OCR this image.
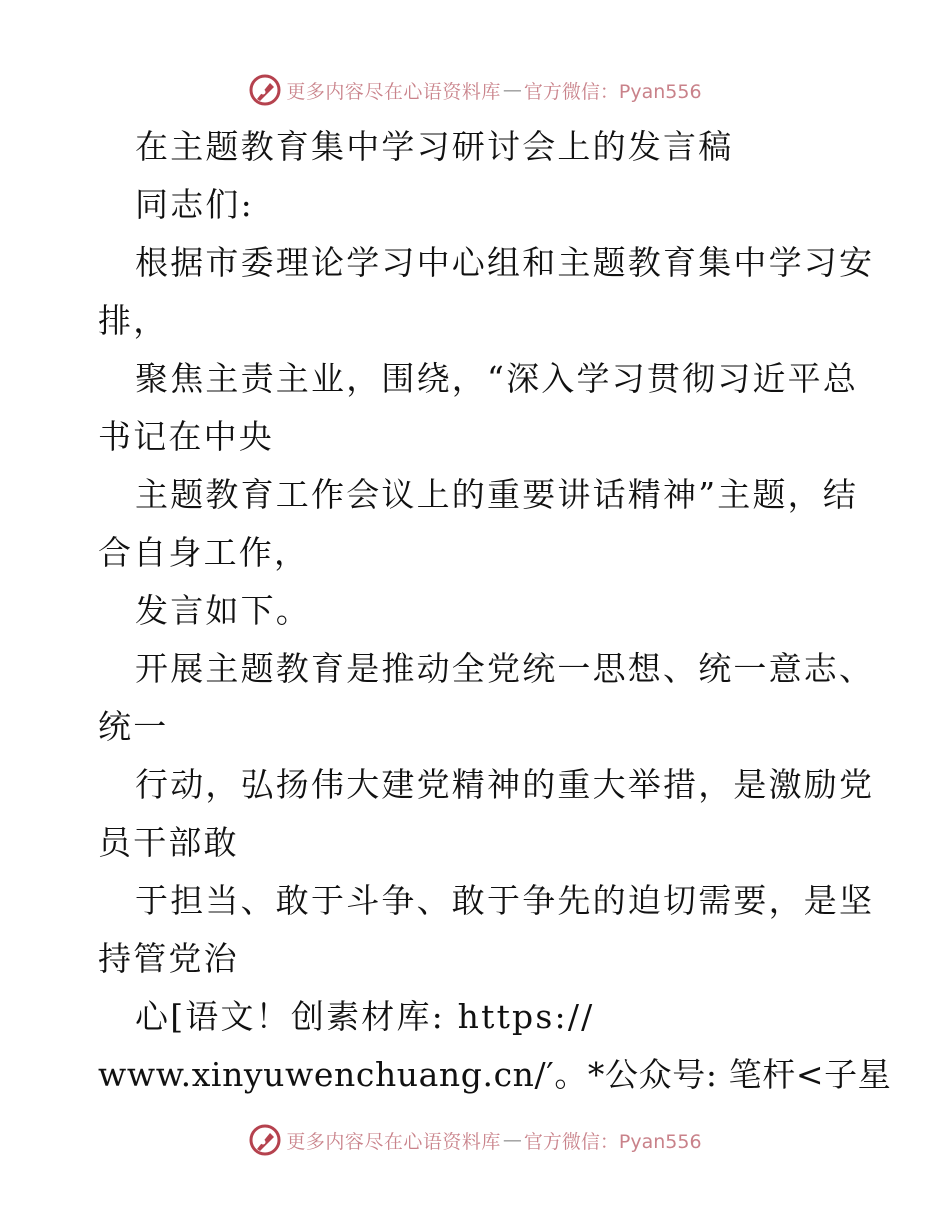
更多内容尽在心语资料库 — 官方微信：Pyan556
在主题教育集中学习研讨会上的发言稿
同志们:
根据市委理论学习中心组和主题教育集中学习安
排，
聚焦主责主业，围绕，“深入学习贯彻习近平总
书记在中央
主题教育工作会议上的重要讲话精神”主题，结
合自身工作，
发言如下。
开展主题教育是推动全党统一思想、统一意志、
统一
行动，弘扬伟大建党精神的重大举措，是激励党
员干部敢
于担当、敢于斗争、敢于争先的迫切需要，是坚
持管党治
心[语文！创素材库: https://
www.xinyuwenchuang.cn/′。*公众号: 笔杆<子星
更多内容尽在心语资料库 — 官方微信：Pyan556
